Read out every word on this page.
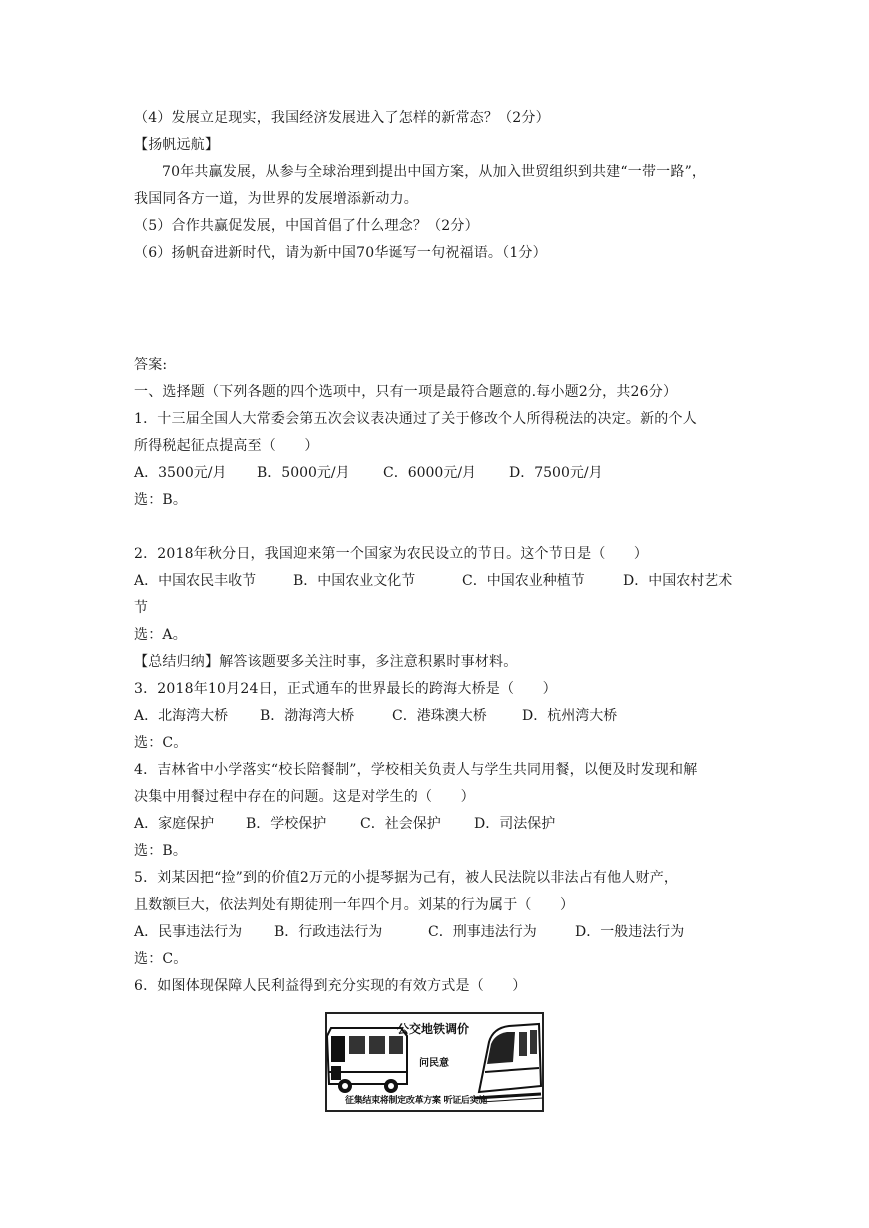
（4）发展立足现实，我国经济发展进入了怎样的新常态？（2分）
【扬帆远航】
70年共赢发展，从参与全球治理到提出中国方案，从加入世贸组织到共建“一带一路”，
我国同各方一道，为世界的发展增添新动力。
（5）合作共赢促发展，中国首倡了什么理念？（2分）
（6）扬帆奋进新时代，请为新中国70华诞写一句祝福语。（1分）
答案:
一、选择题（下列各题的四个选项中，只有一项是最符合题意的.每小题2分，共26分）
1．十三届全国人大常委会第五次会议表决通过了关于修改个人所得税法的决定。新的个人
所得税起征点提高至（　　）
A．3500元/月 B．5000元/月 C．6000元/月 D．7500元/月
选：B。
2．2018年秋分日，我国迎来第一个国家为农民设立的节日。这个节日是（　　）
A．中国农民丰收节	B．中国农业文化节	C．中国农业种植节	D．中国农村艺术
节
选：A。
【总结归纳】解答该题要多关注时事，多注意积累时事材料。
3．2018年10月24日，正式通车的世界最长的跨海大桥是（　　）
A．北海湾大桥 B．渤海湾大桥	C．港珠澳大桥	D．杭州湾大桥
选：C。
4．吉林省中小学落实“校长陪餐制”，学校相关负责人与学生共同用餐，以便及时发现和解
决集中用餐过程中存在的问题。这是对学生的（　　）
A．家庭保护 B．学校保护 C．社会保护 D．司法保护
选：B。
5．刘某因把“捡”到的价值2万元的小提琴据为己有，被人民法院以非法占有他人财产，
且数额巨大，依法判处有期徒刑一年四个月。刘某的行为属于（　　）
A．民事违法行为 B．行政违法行为	C．刑事违法行为	D．一般违法行为
选：C。
6．如图体现保障人民利益得到充分实现的有效方式是（　　）
公交地铁调价
问民意
征集结束将制定改革方案 听证后实施
